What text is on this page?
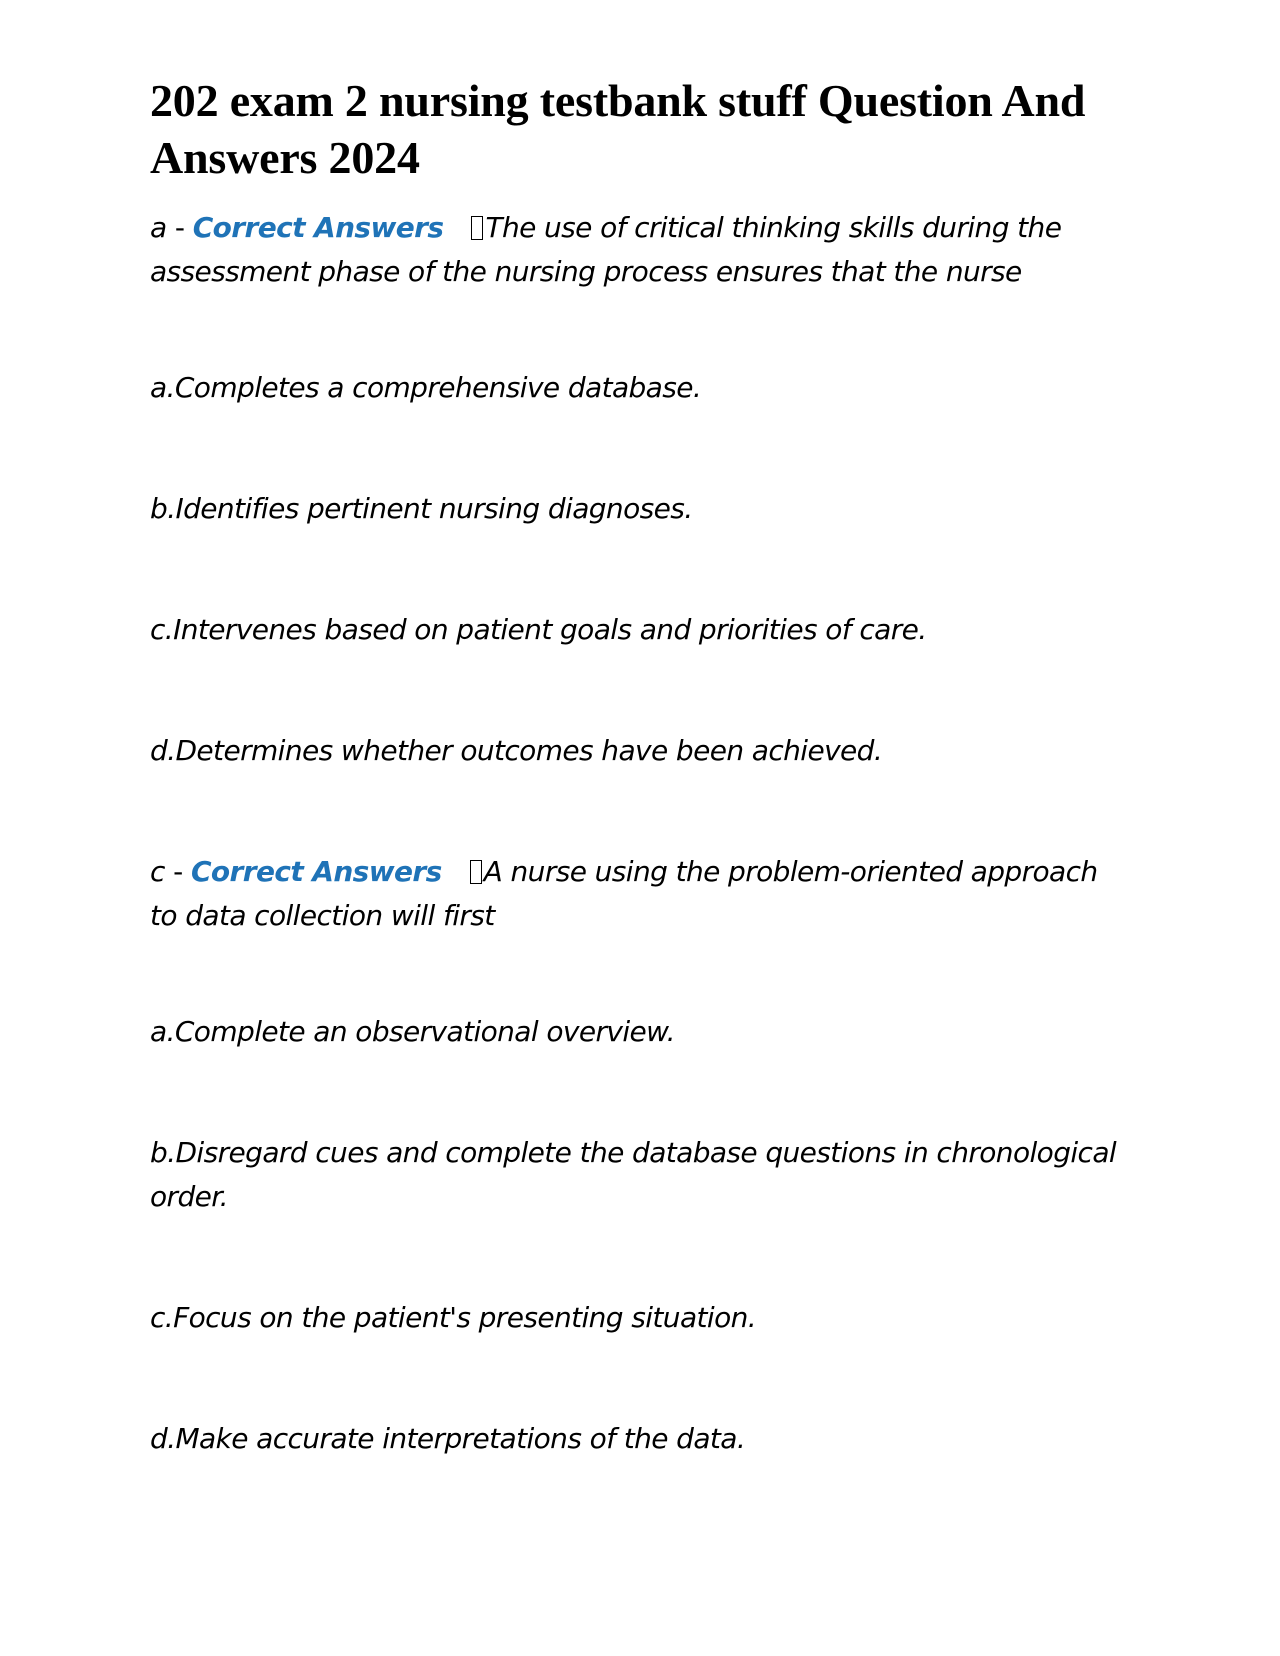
202 exam 2 nursing testbank stuff Question And Answers 2024

a - Correct Answers The use of critical thinking skills during the assessment phase of the nursing process ensures that the nurse

a.Completes a comprehensive database.

b.Identifies pertinent nursing diagnoses.

c.Intervenes based on patient goals and priorities of care.

d.Determines whether outcomes have been achieved.

c - Correct Answers A nurse using the problem-oriented approach to data collection will first

a.Complete an observational overview.

b.Disregard cues and complete the database questions in chronological order.

c.Focus on the patient's presenting situation.

d.Make accurate interpretations of the data.
